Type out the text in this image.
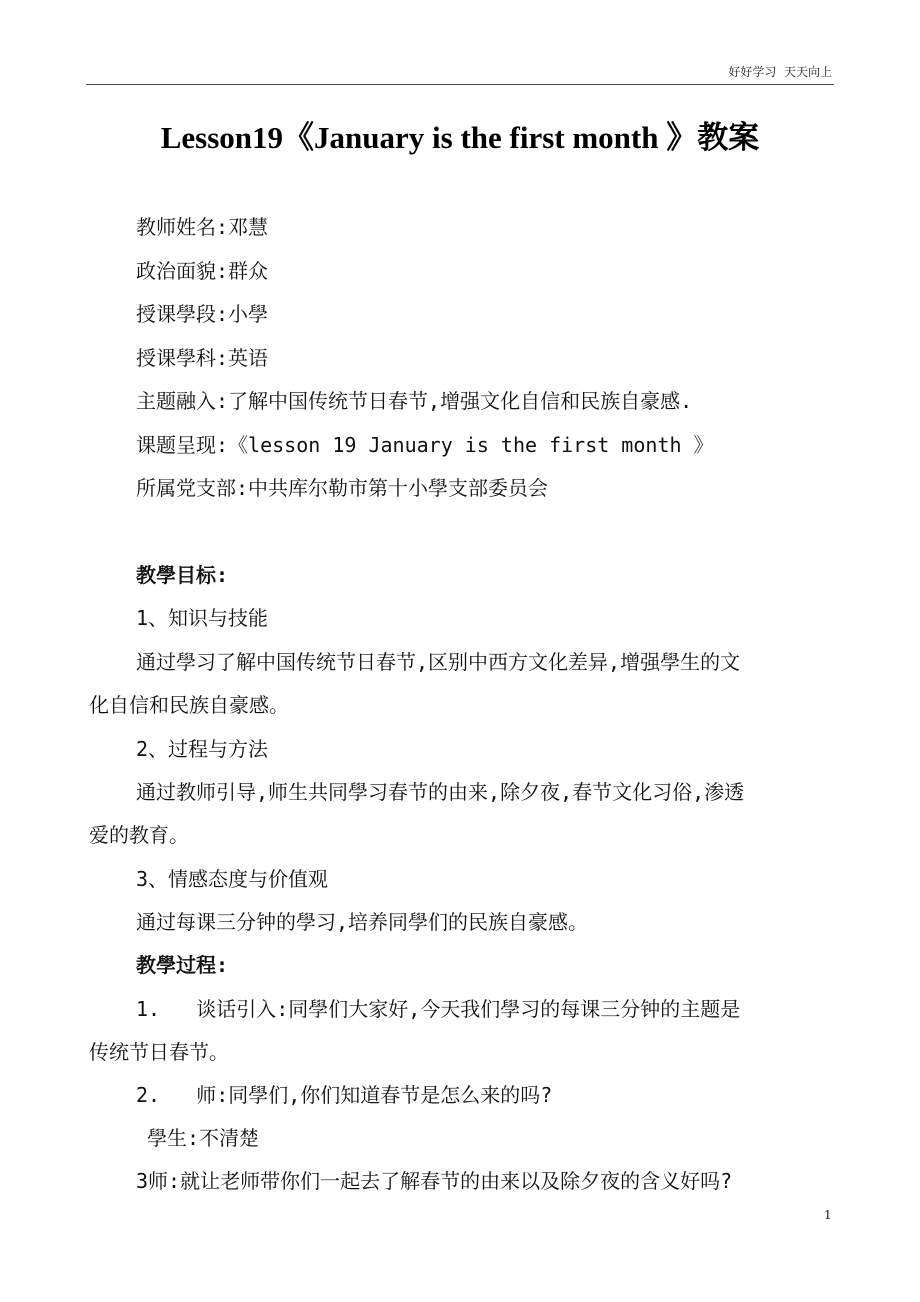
好好学习  天天向上
Lesson19《January is the first month 》教案
教师姓名:邓慧
政治面貌:群众
授课學段:小學
授课學科:英语
主题融入:了解中国传统节日春节,增强文化自信和民族自豪感.
课题呈现:《lesson 19 January is the first month 》
所属党支部:中共库尔勒市第十小學支部委员会
教學目标:
1、知识与技能
通过學习了解中国传统节日春节,区别中西方文化差异,增强學生的文
化自信和民族自豪感。
2、过程与方法
通过教师引导,师生共同學习春节的由来,除夕夜,春节文化习俗,渗透
爱的教育。
3、情感态度与价值观
通过每课三分钟的學习,培养同學们的民族自豪感。
教學过程:
1.   谈话引入:同學们大家好,今天我们學习的每课三分钟的主题是
传统节日春节。
2.   师:同學们,你们知道春节是怎么来的吗?
學生:不清楚
3师:就让老师带你们一起去了解春节的由来以及除夕夜的含义好吗?
1
